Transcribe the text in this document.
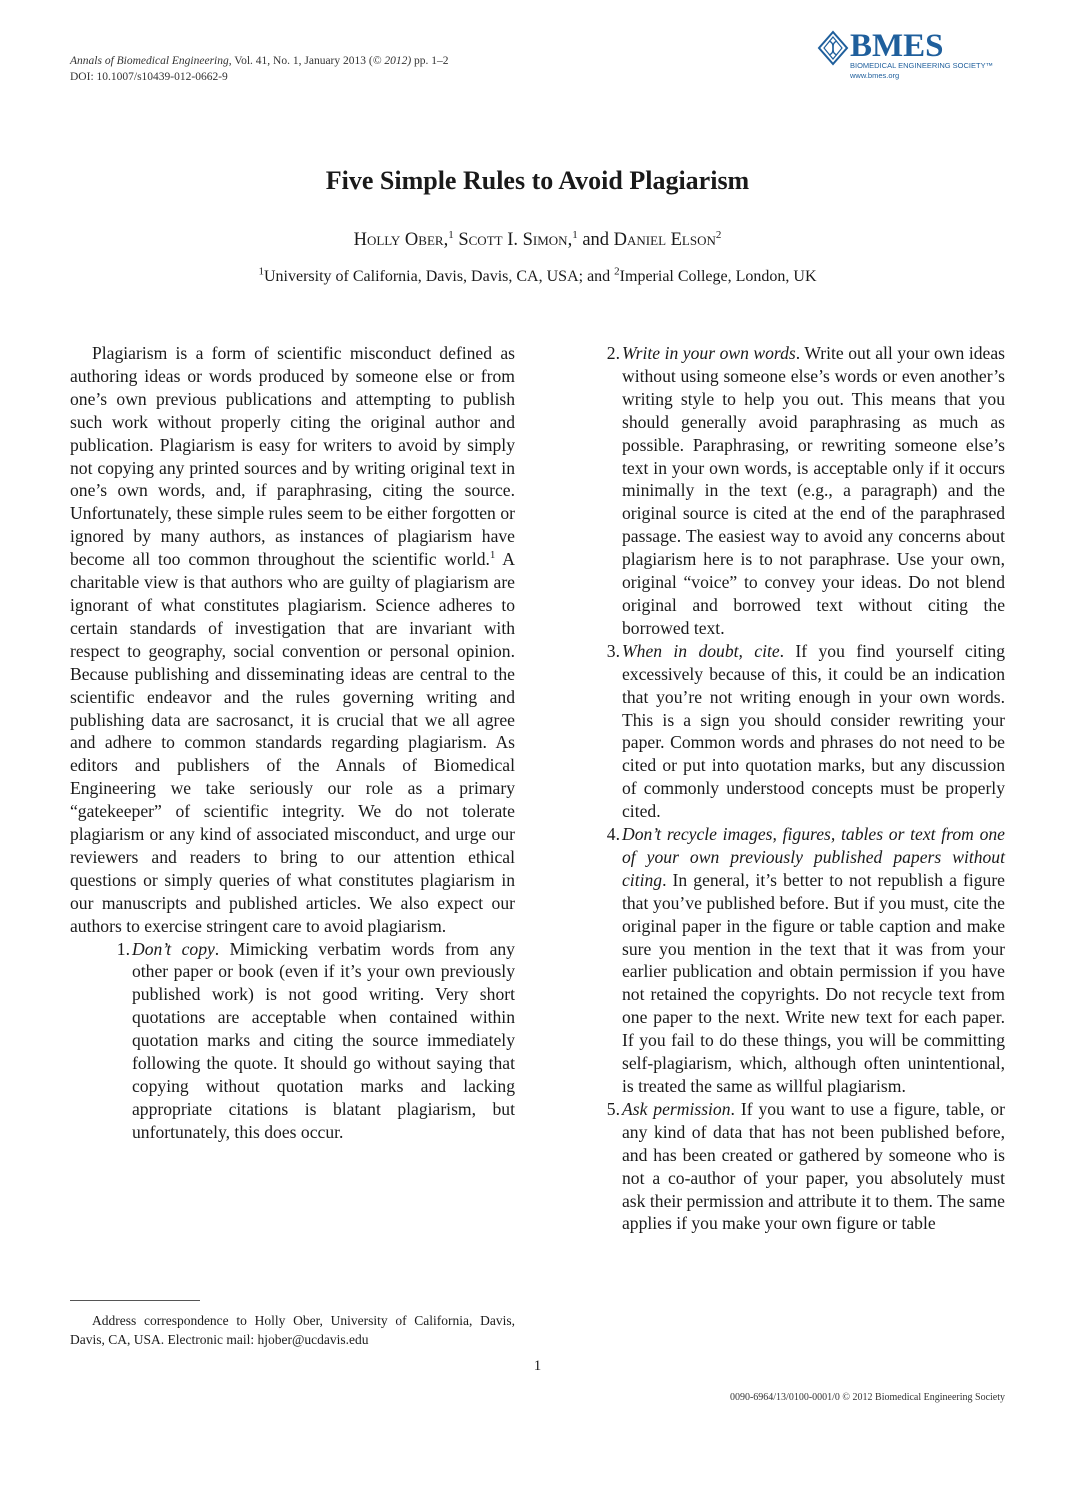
Annals of Biomedical Engineering, Vol. 41, No. 1, January 2013 (© 2012) pp. 1–2
DOI: 10.1007/s10439-012-0662-9
BMES
BIOMEDICAL ENGINEERING SOCIETY™
www.bmes.org
Five Simple Rules to Avoid Plagiarism
Holly Ober,$^1$ Scott I. Simon,$^1$ and Daniel Elson$^2$
$^1$University of California, Davis, Davis, CA, USA; and $^2$Imperial College, London, UK

Plagiarism is a form of scientific misconduct defined as authoring ideas or words produced by someone else or from one’s own previous publications and attempting to publish such work without properly citing the original author and publication. Plagiarism is easy for writers to avoid by simply not copying any printed sources and by writing original text in one’s own words, and, if paraphrasing, citing the source. Unfortunately, these simple rules seem to be either forgotten or ignored by many authors, as instances of plagiarism have become all too common throughout the scientific world.$^1$ A charitable view is that authors who are guilty of plagiarism are ignorant of what constitutes plagiarism. Science adheres to certain standards of investigation that are invariant with respect to geography, social convention or personal opinion. Because publishing and disseminating ideas are central to the scientific endeavor and the rules governing writing and publishing data are sacrosanct, it is crucial that we all agree and adhere to common standards regarding plagiarism. As editors and publishers of the Annals of Biomedical Engineering we take seriously our role as a primary “gatekeeper” of scientific integrity. We do not tolerate plagiarism or any kind of associated misconduct, and urge our reviewers and readers to bring to our attention ethical questions or simply queries of what constitutes plagiarism in our manuscripts and published articles. We also expect our authors to exercise stringent care to avoid plagiarism.

1. Don’t copy. Mimicking verbatim words from any other paper or book (even if it’s your own previously published work) is not good writing. Very short quotations are acceptable when contained within quotation marks and citing the source immediately following the quote. It should go without saying that copying without quotation marks and lacking appropriate citations is blatant plagiarism, but unfortunately, this does occur.
2. Write in your own words. Write out all your own ideas without using someone else’s words or even another’s writing style to help you out. This means that you should generally avoid paraphrasing as much as possible. Paraphrasing, or rewriting someone else’s text in your own words, is acceptable only if it occurs minimally in the text (e.g., a paragraph) and the original source is cited at the end of the paraphrased passage. The easiest way to avoid any concerns about plagiarism here is to not paraphrase. Use your own, original “voice” to convey your ideas. Do not blend original and borrowed text without citing the borrowed text.
3. When in doubt, cite. If you find yourself citing excessively because of this, it could be an indication that you’re not writing enough in your own words. This is a sign you should consider rewriting your paper. Common words and phrases do not need to be cited or put into quotation marks, but any discussion of commonly understood concepts must be properly cited.
4. Don’t recycle images, figures, tables or text from one of your own previously published papers without citing. In general, it’s better to not republish a figure that you’ve published before. But if you must, cite the original paper in the figure or table caption and make sure you mention in the text that it was from your earlier publication and obtain permission if you have not retained the copyrights. Do not recycle text from one paper to the next. Write new text for each paper. If you fail to do these things, you will be committing self-plagiarism, which, although often unintentional, is treated the same as willful plagiarism.
5. Ask permission. If you want to use a figure, table, or any kind of data that has not been published before, and has been created or gathered by someone who is not a co-author of your paper, you absolutely must ask their permission and attribute it to them. The same applies if you make your own figure or table
Address correspondence to Holly Ober, University of California, Davis, Davis, CA, USA. Electronic mail: hjober@ucdavis.edu
1
0090-6964/13/0100-0001/0 © 2012 Biomedical Engineering Society
